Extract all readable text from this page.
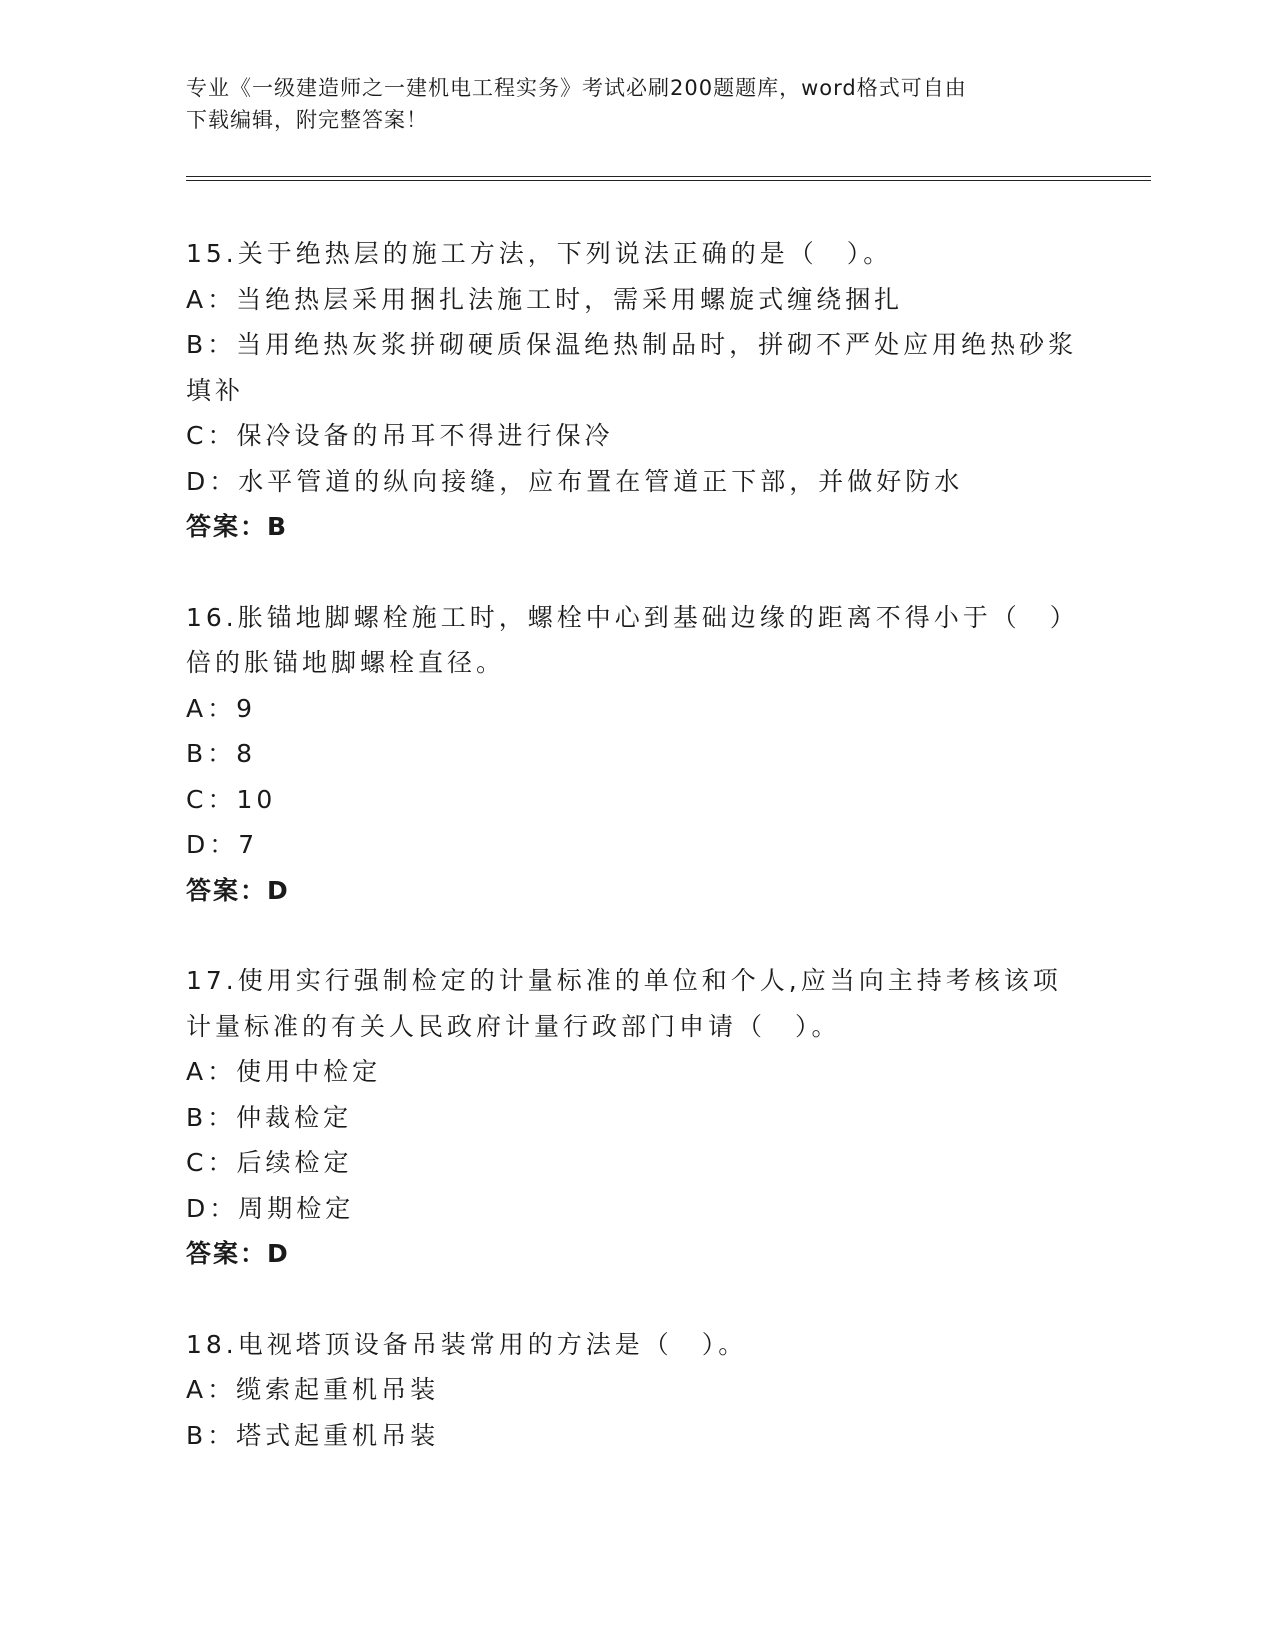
专业《一级建造师之一建机电工程实务》考试必刷200题题库，word格式可自由
下载编辑，附完整答案！
15.关于绝热层的施工方法，下列说法正确的是（　）。
A：当绝热层采用捆扎法施工时，需采用螺旋式缠绕捆扎
B：当用绝热灰浆拼砌硬质保温绝热制品时，拼砌不严处应用绝热砂浆
填补
C：保冷设备的吊耳不得进行保冷
D：水平管道的纵向接缝，应布置在管道正下部，并做好防水
答案：B
16.胀锚地脚螺栓施工时，螺栓中心到基础边缘的距离不得小于（　）
倍的胀锚地脚螺栓直径。
A：9
B：8
C：10
D：7
答案：D
17.使用实行强制检定的计量标准的单位和个人,应当向主持考核该项
计量标准的有关人民政府计量行政部门申请（　）。
A：使用中检定
B：仲裁检定
C：后续检定
D：周期检定
答案：D
18.电视塔顶设备吊装常用的方法是（　）。
A：缆索起重机吊装
B：塔式起重机吊装
